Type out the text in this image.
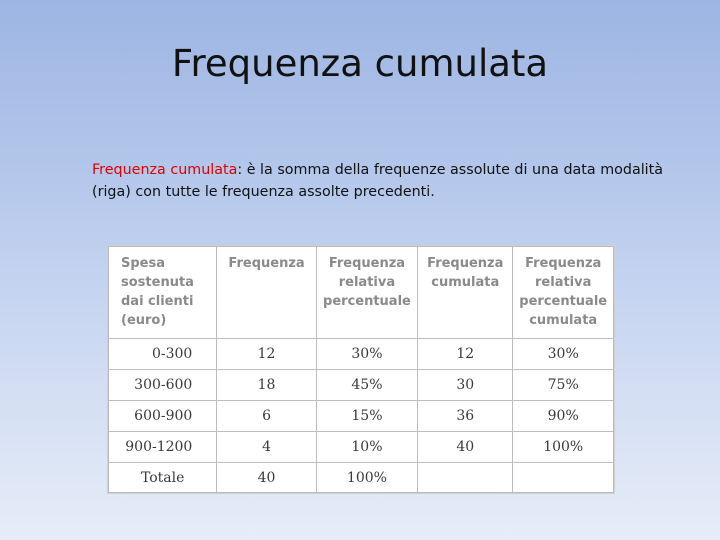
Frequenza cumulata
Frequenza cumulata: è la somma della frequenze assolute di una data modalità (riga) con tutte le frequenza assolte precedenti.
Spesa sostenuta dai clienti (euro)	Frequenza	Frequenza relativa percentuale	Frequenza cumulata	Frequenza relativa percentuale cumulata
0-300	12	30%	12	30%
300-600	18	45%	30	75%
600-900	6	15%	36	90%
900-1200	4	10%	40	100%
Totale	40	100%		
